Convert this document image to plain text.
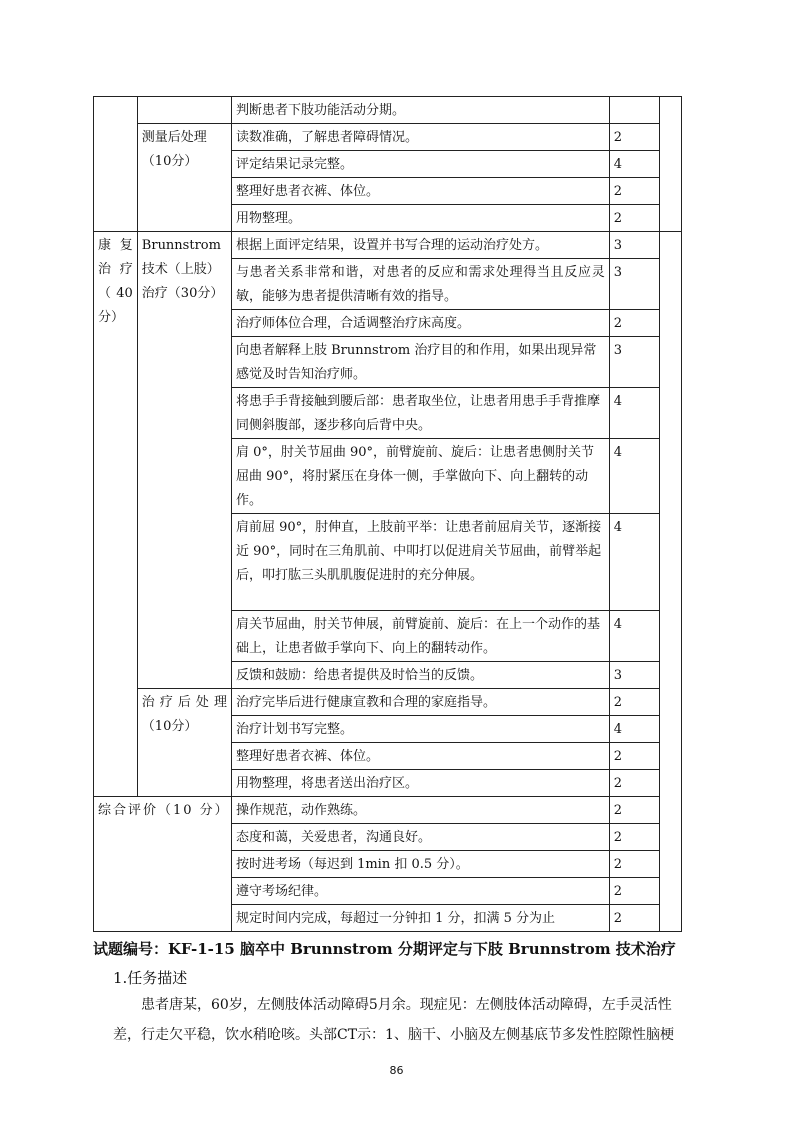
		判断患者下肢功能活动分期。		
	测量后处理（10分）	读数准确，了解患者障碍情况。	2	
		评定结果记录完整。	4	
		整理好患者衣裤、体位。	2	
		用物整理。	2	
康 复治疗（ 40分）	Brunnstrom技术（上肢）治疗（30分）	根据上面评定结果，设置并书写合理的运动治疗处方。	3	
		与患者关系非常和谐，对患者的反应和需求处理得当且反应灵敏，能够为患者提供清晰有效的指导。	3	
		治疗师体位合理，合适调整治疗床高度。	2	
		向患者解释上肢 Brunnstrom 治疗目的和作用，如果出现异常感觉及时告知治疗师。	3	
		将患手手背接触到腰后部：患者取坐位，让患者用患手手背推摩同侧斜腹部，逐步移向后背中央。	4	
		肩 0°，肘关节屈曲 90°，前臂旋前、旋后：让患者患侧肘关节屈曲 90°，将肘紧压在身体一侧，手掌做向下、向上翻转的动作。	4	
		肩前屈 90°，肘伸直，上肢前平举：让患者前屈肩关节，逐渐接近 90°，同时在三角肌前、中叩打以促进肩关节屈曲，前臂举起后，叩打肱三头肌肌腹促进肘的充分伸展。	4	
		肩关节屈曲，肘关节伸展，前臂旋前、旋后：在上一个动作的基础上，让患者做手掌向下、向上的翻转动作。	4	
		反馈和鼓励：给患者提供及时恰当的反馈。	3	
	治疗后处理（10分）	治疗完毕后进行健康宣教和合理的家庭指导。	2	
		治疗计划书写完整。	4	
		整理好患者衣裤、体位。	2	
		用物整理，将患者送出治疗区。	2	
综合评价（10 分）		操作规范，动作熟练。	2	
		态度和蔼，关爱患者，沟通良好。	2	
		按时进考场（每迟到 1min 扣 0.5 分）。	2	
		遵守考场纪律。	2	
		规定时间内完成，每超过一分钟扣 1 分，扣满 5 分为止	2	
试题编号：KF-1-15 脑卒中 Brunnstrom 分期评定与下肢 Brunnstrom 技术治疗
1.任务描述
患者唐某，60岁，左侧肢体活动障碍5月余。现症见：左侧肢体活动障碍，左手灵活性
差，行走欠平稳，饮水稍呛咳。头部CT示：1、脑干、小脑及左侧基底节多发性腔隙性脑梗
86
